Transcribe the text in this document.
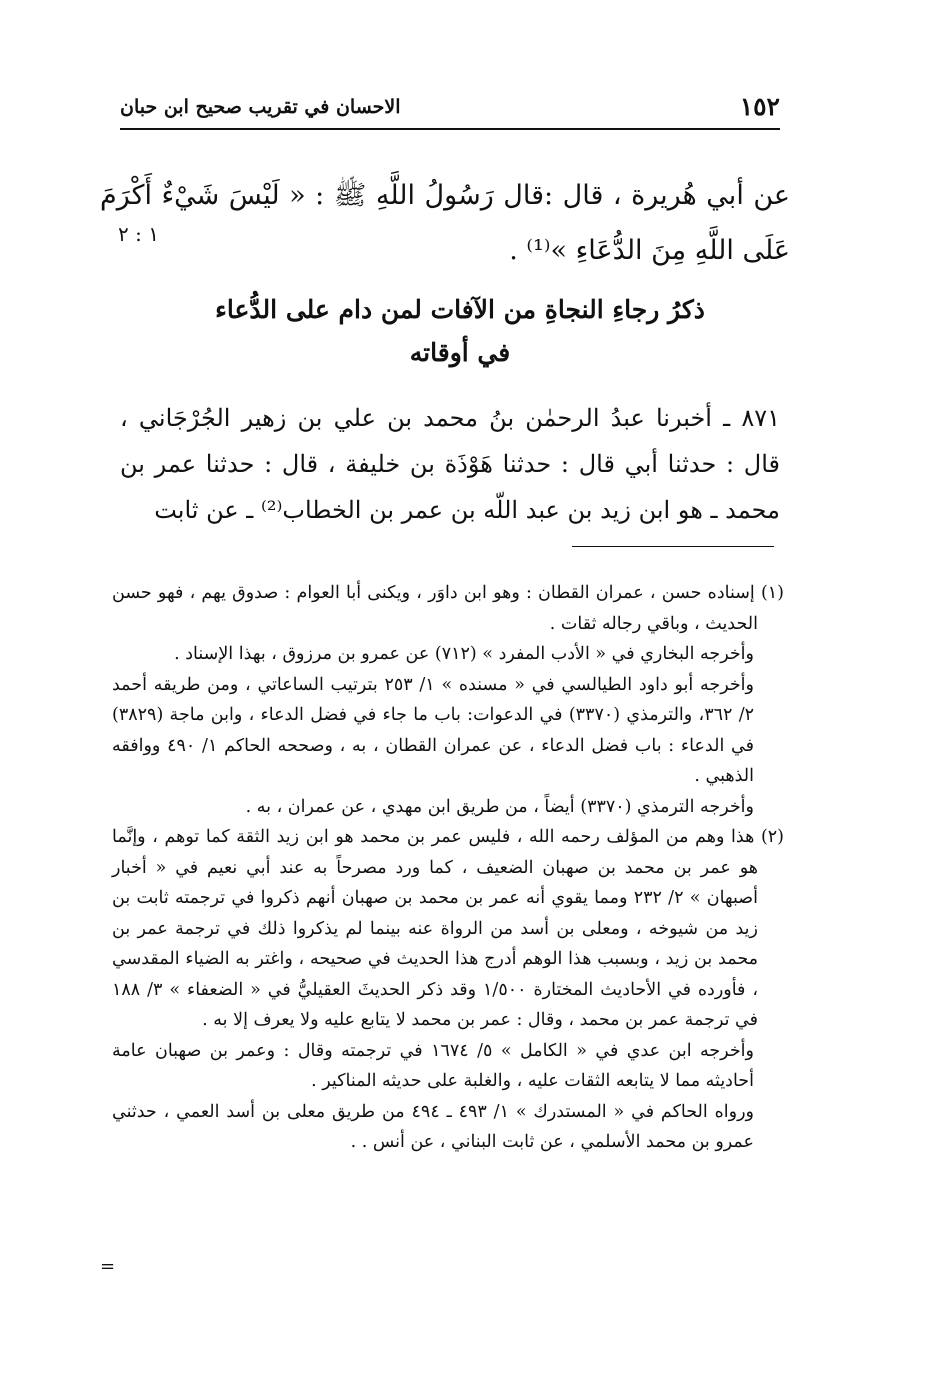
١٥٢
الاحسان في تقريب صحيح ابن حبان
عن أبي هُريرة ، قال :قال رَسُولُ اللَّهِ ﷺ : « لَيْسَ شَيْءٌ أَكْرَمَ عَلَى اللَّهِ مِنَ الدُّعَاءِ »⁽¹⁾ .
١ : ٢
ذكرُ رجاءِ النجاةِ من الآفات لمن دام على الدُّعاء
في أوقاته
٨٧١ ـ أخبرنا عبدُ الرحمٰن بنُ محمد بن علي بن زهير الجُرْجَاني ، قال : حدثنا أبي قال : حدثنا هَوْذَة بن خليفة ، قال : حدثنا عمر بن محمد ـ هو ابن زيد بن عبد اللّه بن عمر بن الخطاب⁽²⁾ ـ عن ثابت

(١) إسناده حسن ، عمران القطان : وهو ابن داوَر ، ويكنى أبا العوام : صدوق يهم ، فهو حسن الحديث ، وباقي رجاله ثقات .

وأخرجه البخاري في « الأدب المفرد » (٧١٢) عن عمرو بن مرزوق ، بهذا الإسناد .

وأخرجه أبو داود الطيالسي في « مسنده » ١/ ٢٥٣ بترتيب الساعاتي ، ومن طريقه أحمد ٢/ ٣٦٢، والترمذي (٣٣٧٠) في الدعوات: باب ما جاء في فضل الدعاء ، وابن ماجة (٣٨٢٩) في الدعاء : باب فضل الدعاء ، عن عمران القطان ، به ، وصححه الحاكم ١/ ٤٩٠ ووافقه الذهبي .

وأخرجه الترمذي (٣٣٧٠) أيضاً ، من طريق ابن مهدي ، عن عمران ، به .

(٢) هذا وهم من المؤلف رحمه الله ، فليس عمر بن محمد هو ابن زيد الثقة كما توهم ، وإنَّما هو عمر بن محمد بن صهبان الضعيف ، كما ورد مصرحاً به عند أبي نعيم في « أخبار أصبهان » ٢/ ٢٣٢ ومما يقوي أنه عمر بن محمد بن صهبان أنهم ذكروا في ترجمته ثابت بن زيد من شيوخه ، ومعلى بن أسد من الرواة عنه بينما لم يذكروا ذلك في ترجمة عمر بن محمد بن زيد ، وبسبب هذا الوهم أدرج هذا الحديث في صحيحه ، واغتر به الضياء المقدسي ، فأورده في الأحاديث المختارة ١/٥٠٠ وقد ذكر الحديثَ العقيليُّ في « الضعفاء » ٣/ ١٨٨ في ترجمة عمر بن محمد ، وقال : عمر بن محمد لا يتابع عليه ولا يعرف إلا به .

وأخرجه ابن عدي في « الكامل » ٥/ ١٦٧٤ في ترجمته وقال : وعمر بن صهبان عامة أحاديثه مما لا يتابعه الثقات عليه ، والغلبة على حديثه المناكير .

ورواه الحاكم في « المستدرك » ١/ ٤٩٣ ـ ٤٩٤ من طريق معلى بن أسد العمي ، حدثني عمرو بن محمد الأسلمي ، عن ثابت البناني ، عن أنس . .

=
